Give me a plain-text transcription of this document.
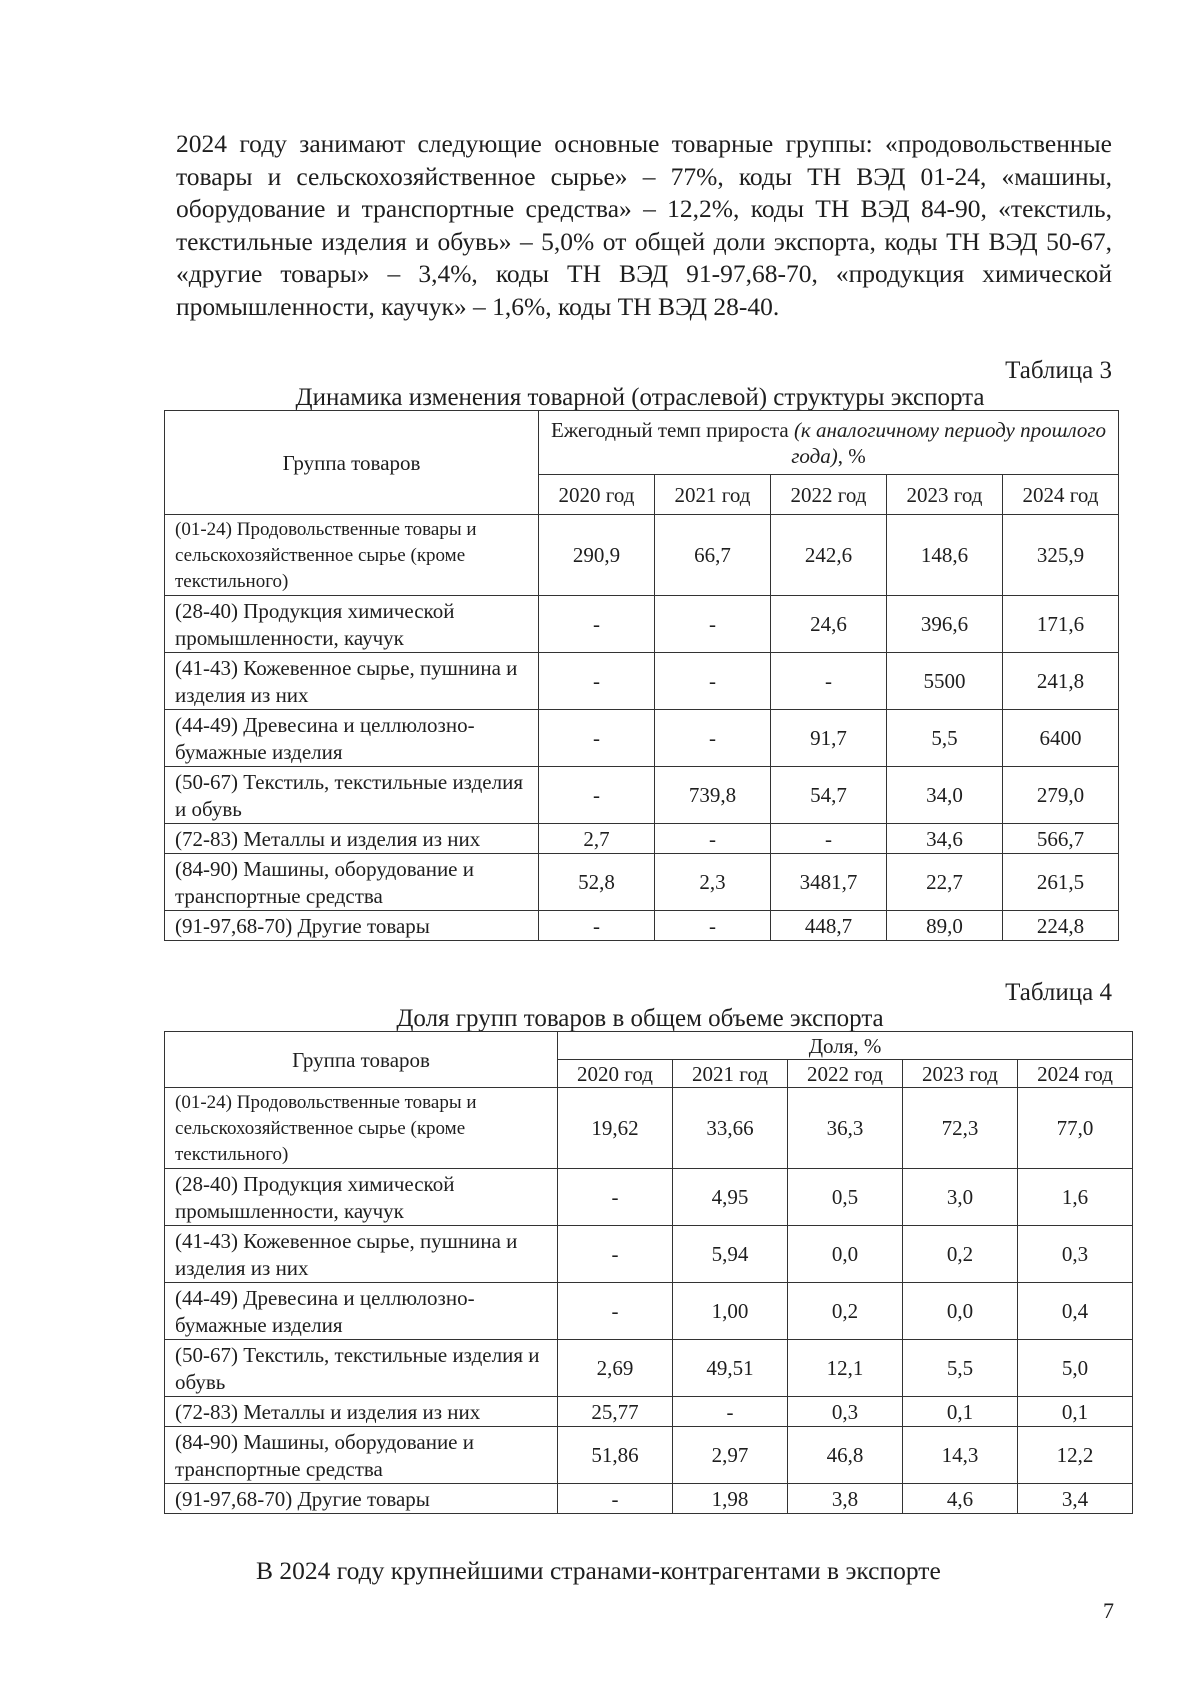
2024 году занимают следующие основные товарные группы: «продовольственные товары и сельскохозяйственное сырье» – 77%, коды ТН ВЭД 01-24, «машины, оборудование и транспортные средства» – 12,2%, коды ТН ВЭД 84-90, «текстиль, текстильные изделия и обувь» – 5,0% от общей доли экспорта, коды ТН ВЭД 50-67, «другие товары» – 3,4%, коды ТН ВЭД 91-97,68-70, «продукция химической промышленности, каучук» – 1,6%, коды ТН ВЭД 28-40.

Таблица 3

Динамика изменения товарной (отраслевой) структуры экспорта

Группа товаров	Ежегодный темп прироста (к аналогичному периоду прошлого года), %				
	2020 год	2021 год	2022 год	2023 год	2024 год
(01-24) Продовольственные товары и сельскохозяйственное сырье (кроме текстильного)	290,9	66,7	242,6	148,6	325,9
(28-40) Продукция химической промышленности, каучук	-	-	24,6	396,6	171,6
(41-43) Кожевенное сырье, пушнина и изделия из них	-	-	-	5500	241,8
(44-49) Древесина и целлюлозно-бумажные изделия	-	-	91,7	5,5	6400
(50-67) Текстиль, текстильные изделия и обувь	-	739,8	54,7	34,0	279,0
(72-83) Металлы и изделия из них	2,7	-	-	34,6	566,7
(84-90) Машины, оборудование и транспортные средства	52,8	2,3	3481,7	22,7	261,5
(91-97,68-70) Другие товары	-	-	448,7	89,0	224,8

Таблица 4

Доля групп товаров в общем объеме экспорта

Группа товаров	Доля, %				
	2020 год	2021 год	2022 год	2023 год	2024 год
(01-24) Продовольственные товары и сельскохозяйственное сырье (кроме текстильного)	19,62	33,66	36,3	72,3	77,0
(28-40) Продукция химической промышленности, каучук	-	4,95	0,5	3,0	1,6
(41-43) Кожевенное сырье, пушнина и изделия из них	-	5,94	0,0	0,2	0,3
(44-49) Древесина и целлюлозно-бумажные изделия	-	1,00	0,2	0,0	0,4
(50-67) Текстиль, текстильные изделия и обувь	2,69	49,51	12,1	5,5	5,0
(72-83) Металлы и изделия из них	25,77	-	0,3	0,1	0,1
(84-90) Машины, оборудование и транспортные средства	51,86	2,97	46,8	14,3	12,2
(91-97,68-70) Другие товары	-	1,98	3,8	4,6	3,4

В 2024 году крупнейшими странами-контрагентами в экспорте

7
